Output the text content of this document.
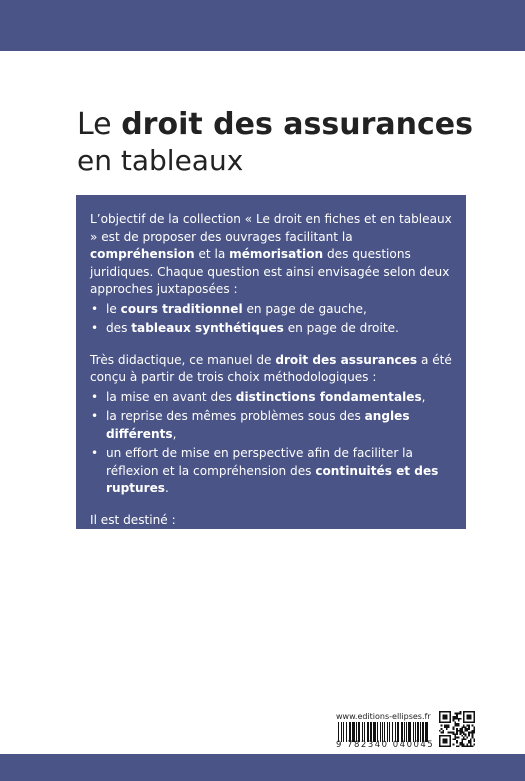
Le droit des assurances
en tableaux

L’objectif de la collection « Le droit en fiches et en tableaux » est de proposer des ouvrages facilitant la compréhension et la mémorisation des questions juridiques. Chaque question est ainsi envisagée selon deux approches juxtaposées :

• le cours traditionnel en page de gauche,
• des tableaux synthétiques en page de droite.

Très didactique, ce manuel de droit des assurances a été conçu à partir de trois choix méthodologiques :

• la mise en avant des distinctions fondamentales,
• la reprise des mêmes problèmes sous des angles différents,
• un effort de mise en perspective afin de faciliter la réflexion et la compréhension des continuités et des ruptures.

Il est destiné :

• aux étudiants de Master Droit.
www.editions-ellipses.fr
9 782340 040045
